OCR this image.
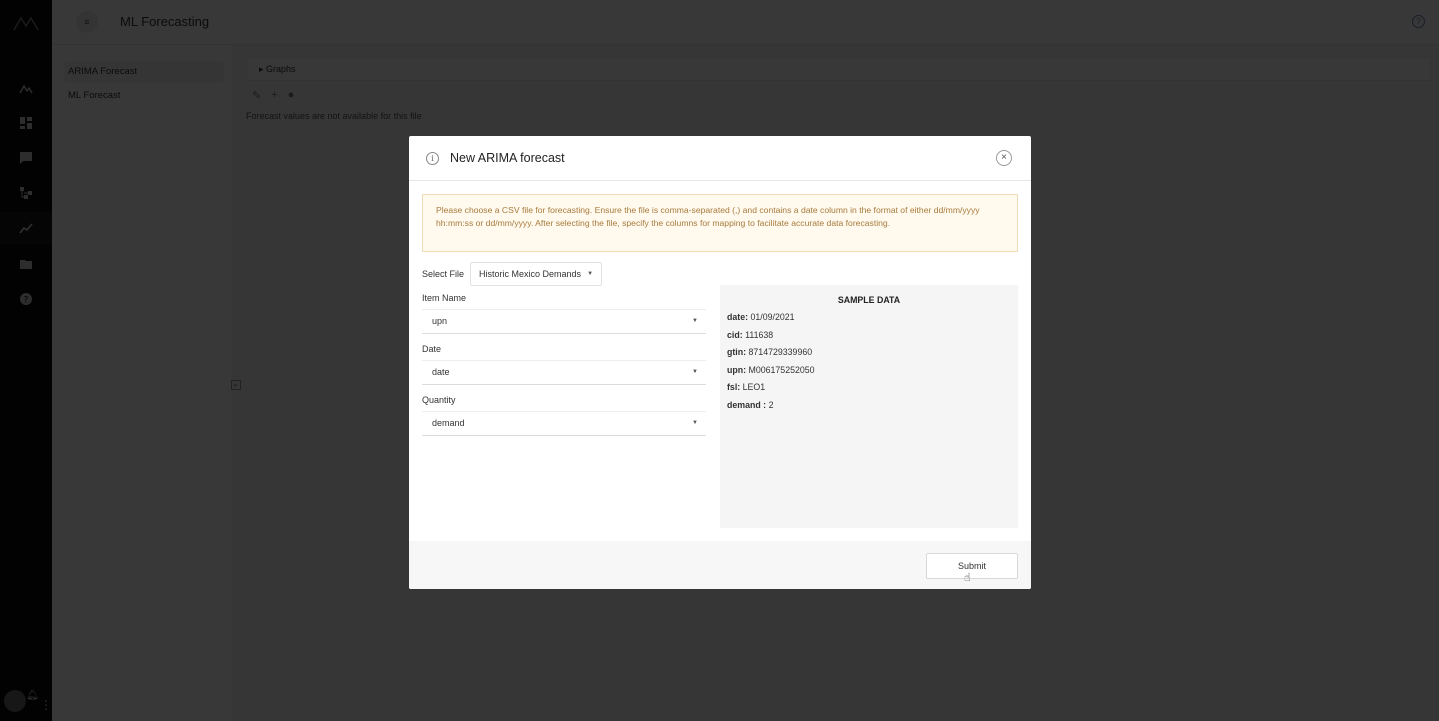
i	New ARIMA forecast	×
Please choose a CSV file for forecasting. Ensure the file is comma-separated (,) and contains a date column in the format of either dd/mm/yyyy hh:mm:ss or dd/mm/yyyy. After selecting the file, specify the columns for mapping to facilitate accurate data forecasting.
Select File Historic Mexico Demands ▼
Item Name
upn	▼
Date
date	▼
Quantity
demand	▼
SAMPLE DATA
date: 01/09/2021
cid: 111638
gtin: 8714729339960
upn: M006175252050
fsl: LEO1
demand : 2
Submit
☝︎
